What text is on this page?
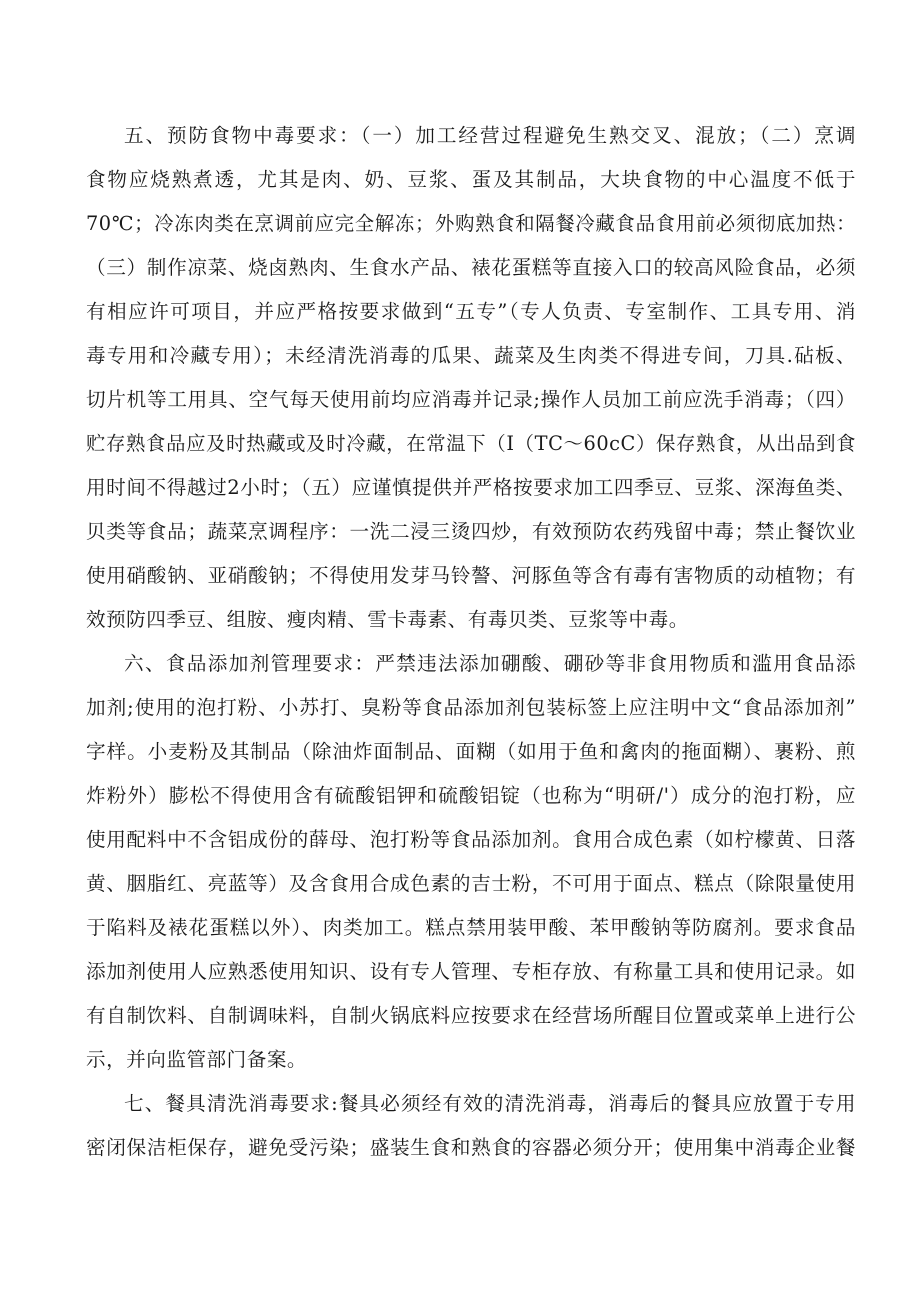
五、预防食物中毒要求：（一）加工经营过程避免生熟交叉、混放；（二）烹调
食物应烧熟煮透，尤其是肉、奶、豆浆、蛋及其制品，大块食物的中心温度不低于
70℃；冷冻肉类在烹调前应完全解冻；外购熟食和隔餐冷藏食品食用前必须彻底加热：
（三）制作凉菜、烧卤熟肉、生食水产品、裱花蛋糕等直接入口的较高风险食品，必须
有相应许可项目，并应严格按要求做到“五专”（专人负责、专室制作、工具专用、消
毒专用和冷藏专用）；未经清洗消毒的瓜果、蔬菜及生肉类不得进专间，刀具.砧板、
切片机等工用具、空气每天使用前均应消毒并记录;操作人员加工前应洗手消毒；（四）
贮存熟食品应及时热藏或及时冷藏，在常温下（I（TC〜60cC）保存熟食，从出品到食
用时间不得越过2小时；（五）应谨慎提供并严格按要求加工四季豆、豆浆、深海鱼类、
贝类等食品；蔬菜烹调程序：一洗二浸三烫四炒，有效预防农药残留中毒；禁止餐饮业
使用硝酸钠、亚硝酸钠；不得使用发芽马铃謷、河豚鱼等含有毒有害物质的动植物；有
效预防四季豆、组胺、瘦肉精、雪卡毒素、有毒贝类、豆浆等中毒。
六、食品添加剂管理要求：严禁违法添加硼酸、硼砂等非食用物质和滥用食品添
加剂;使用的泡打粉、小苏打、臭粉等食品添加剂包装标签上应注明中文“食品添加剂”
字样。小麦粉及其制品（除油炸面制品、面糊（如用于鱼和禽肉的拖面糊）、裹粉、煎
炸粉外）膨松不得使用含有硫酸铝钾和硫酸铝锭（也称为“明研/'）成分的泡打粉，应
使用配料中不含铝成份的薛母、泡打粉等食品添加剂。食用合成色素（如柠檬黄、日落
黄、胭脂红、亮蓝等）及含食用合成色素的吉士粉，不可用于面点、糕点（除限量使用
于陷料及裱花蛋糕以外）、肉类加工。糕点禁用装甲酸、苯甲酸钠等防腐剂。要求食品
添加剂使用人应熟悉使用知识、设有专人管理、专柜存放、有称量工具和使用记录。如
有自制饮料、自制调味料，自制火锅底料应按要求在经营场所醒目位置或菜单上进行公
示，并向监管部门备案。
七、餐具清洗消毒要求:餐具必须经有效的清洗消毒，消毒后的餐具应放置于专用
密闭保洁柜保存，避免受污染；盛装生食和熟食的容器必须分开；使用集中消毒企业餐
